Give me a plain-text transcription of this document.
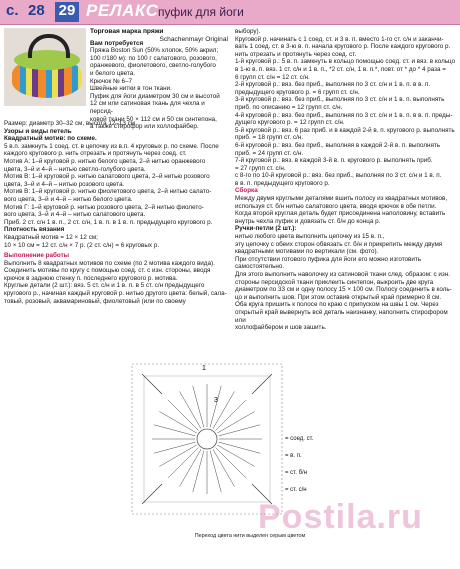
с. 28 29 РЕЛАКС пуфик для йоги

Торговая марка пряжи
Schachenmayr Original

Вам потребуется

Пряжа Boston Sun (50% хлопок, 50% акрил;

100 г/180 м): по 100 г салатового, розового,

оранжевого, фиолетового, светло-голубого

и белого цвета.

Крючок № 6–7

Швейные нитки в тон ткани.

Пуфик для йоги диаметром 30 см и высотой

12 см или сатиновая ткань для чехла и персид-

ковой ткани 50 × 112 см и 50 см синтепона,

а также стирофор или холлофайбер.

Размер: диаметр 30–32 см, высота 12–13 см.

Узоры и виды петель

Квадратный мотив: по схеме.

5 в.п. замкнуть 1 соед. ст. в цепочку из в.п. 4 круговых р. по схеме. После

каждого кругового р. нить отрезать и протянуть через соед. ст.

Мотив А: 1–й круговой р. нитью белого цвета, 2–й нитью оранжевого

цвета, 3–й и 4–й – нитью светло-голубого цвета.

Мотив В: 1–й круговой р. нитью салатового цвета, 2–й нитью розового

цвета, 3–й и 4–й – нитью розового цвета.

Мотив В: 1–й круговой р. нитью фиолетового цвета, 2–й нитью салато-

вого цвета, 3–й и 4–й – нитью белого цвета.

Мотив Г: 1–й круговой р. нитью розового цвета, 2–й нитью фиолето-

вого цвета, 3–й и 4–й – нитью салатового цвета.

Приб. 2 ст. с/н 1 в. п., 2 ст. с/н, 1 в. п. в 1 в. п. предыдущего кругового р.

Плотность вязания

Квадратный мотив = 12 × 12 см;

10 × 10 см = 12 ст. с/н × 7 р. (2 ст. с/н) = 6 круговых р.

Выполнение работы

Выполнить 8 квадратных мотивов по схеме (по 2 мотива каждого вида).

Соединить мотивы по кругу с помощью соед. ст. с изн. стороны, вводя

крючок в заднюю стенку п. последнего кругового р. мотива.

Круглые детали (2 шт.): вяз. 5 ст. с/н и 1 в. п. в 5 ст. с/н предыдущего

кругового р., начиная каждый круговой р. нитью другого цвета: белый, сала-

товый, розовый, аквамариновый, фиолетовый (или по своему

выбору).

Круговой р. начинать с 1 соед. ст. и 3 в. п. вместо 1-го ст. с/н и заканчи-

вать 1 соед. ст. в 3-ю в. п. начала кругового р. После каждого кругового р.

нить отрезать и протянуть через соед. ст.

1-й круговой р.: 5 в. п. замкнуть в кольцо помощью соед. ст. и вяз. в кольцо

в 1-ю в. п. вяз. 1 ст. с/н и 1 в. п., *2 ст. с/н, 1 в. п.*, повт. от * до * 4 раза =

6 групп ст. с/н = 12 ст. с/н.

2-й круговой р.: вяз. без приб., выполняя по 3 ст. с/н и 1 в. п. в в. п.

предыдущего кругового р. = 6 групп ст. с/н.

3-й круговой р.: вяз. без приб., выполняя по 3 ст. с/н и 1 в. п. выполнять

приб. по описанию = 12 групп ст. с/н.

4-й круговой р.: вяз. без приб., выполняя по 3 ст. с/н и 1 в. п. в в. п. преды-

дущего кругового р. = 12 групп ст. с/н.

5-й круговой р.: вяз. 6 раз приб. и в каждой 2-й в. п. кругового р. выполнять

приб. = 18 групп ст. с/н.

6-й круговой р.: вяз. без приб., выполняя в каждой 2-й в. п. выполнять

приб. = 24 групп ст. с/н.

7-й круговой р.: вяз. в каждой 3-й в. п. кругового р. выполнять приб.

= 27 групп ст. с/н.

с 8-го по 10-й круговой р.: вяз. без приб., выполняя по 3 ст. с/н и 1 в. п.

в в. п. предыдущего кругового р.

Сборка

Между двумя круглыми деталями вшить полосу из квадратных мотивов,

используя ст. б/н нитью салатового цвета, вводя крючок в обе петли.

Когда второй круглая деталь будет присоединена наполовину, вставить

внутрь чехла пуфик и довязать ст. б/н до конца р.

Ручки-петли (2 шт.):

нитью любого цвета выполнить цепочку из 15 в. п.,

эту цепочку с обеих сторон обвязать ст. б/н и прикрепить между двумя

квадратными мотивами по вертикали (см. фото).

При отсутствии готового пуфика для йоги его можно изготовить самостоятельно.

Для этого выполнить наволочку из сатиновой ткани след. образом: с изн.

стороны персидской ткани приклеить синтепон, выкроить две круга

диаметром по 33 см и одну полосу 15 × 100 см. Полосу соединить в коль-

цо и выполнить шов. При этом оставив открытый край примерно 8 см.

Оба круга пришить к полосе по краю с припуском на швы 1 см. Через

открытый край вывернуть всё деталь наизнанку, наполнить стирофором или

холлофайбером и шов зашить.

1
3
= соед. ст.
= в. п.
= ст. б/н
= ст. с/н
Postila.ru
Переход цвета нити выделен серым цветом
